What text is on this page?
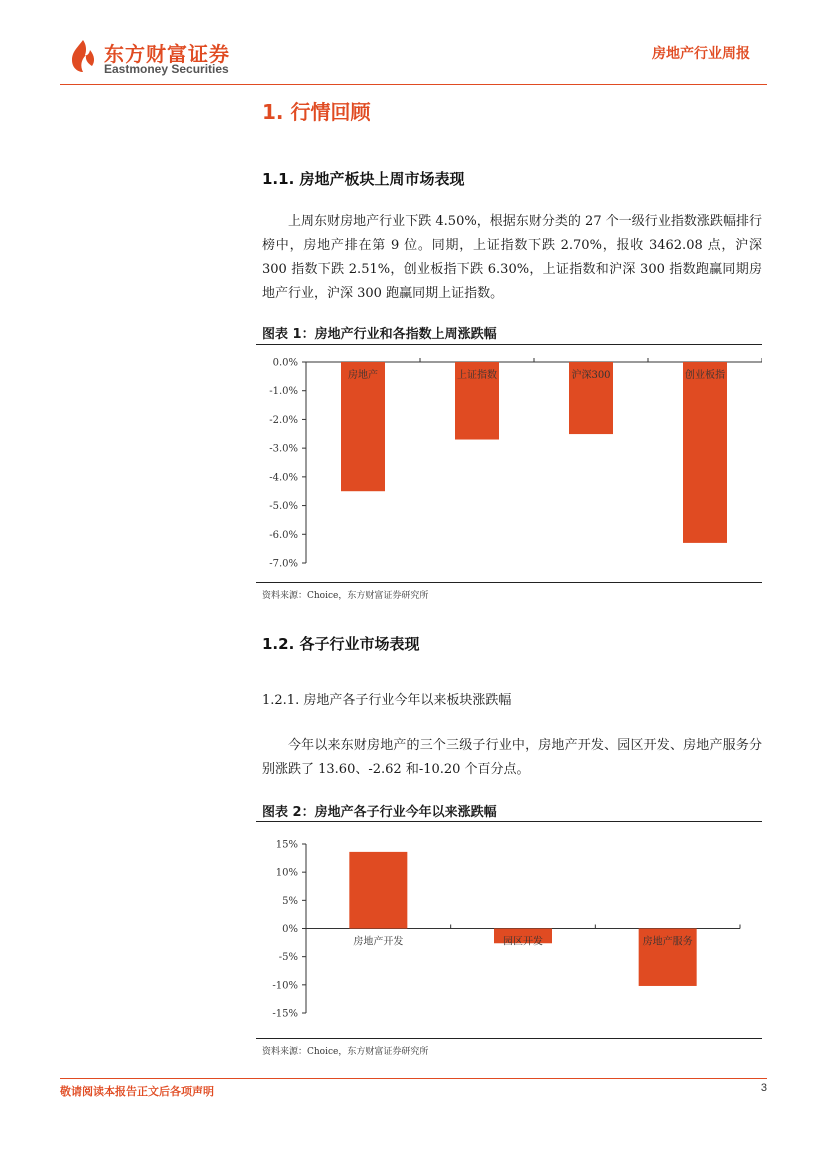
东方财富证券
Eastmoney Securities
房地产行业周报
1. 行情回顾
1.1. 房地产板块上周市场表现
上周东财房地产行业下跌 4.50%，根据东财分类的 27 个一级行业指数涨跌幅排行榜中，房地产排在第 9 位。同期，上证指数下跌 2.70%，报收 3462.08 点，沪深 300 指数下跌 2.51%，创业板指下跌 6.30%，上证指数和沪深 300 指数跑赢同期房地产行业，沪深 300 跑赢同期上证指数。
图表 1：房地产行业和各指数上周涨跌幅
0.0%
-1.0%
-2.0%
-3.0%
-4.0%
-5.0%
-6.0%
-7.0%
房地产	上证指数	沪深300	创业板指
资料来源：Choice，东方财富证券研究所
1.2. 各子行业市场表现
1.2.1. 房地产各子行业今年以来板块涨跌幅
今年以来东财房地产的三个三级子行业中，房地产开发、园区开发、房地产服务分别涨跌了 13.60、-2.62 和-10.20 个百分点。
图表 2：房地产各子行业今年以来涨跌幅
15%
10%
5%
0%
-5%
-10%
-15%
房地产开发	园区开发	房地产服务
资料来源：Choice，东方财富证券研究所
敬请阅读本报告正文后各项声明	3
